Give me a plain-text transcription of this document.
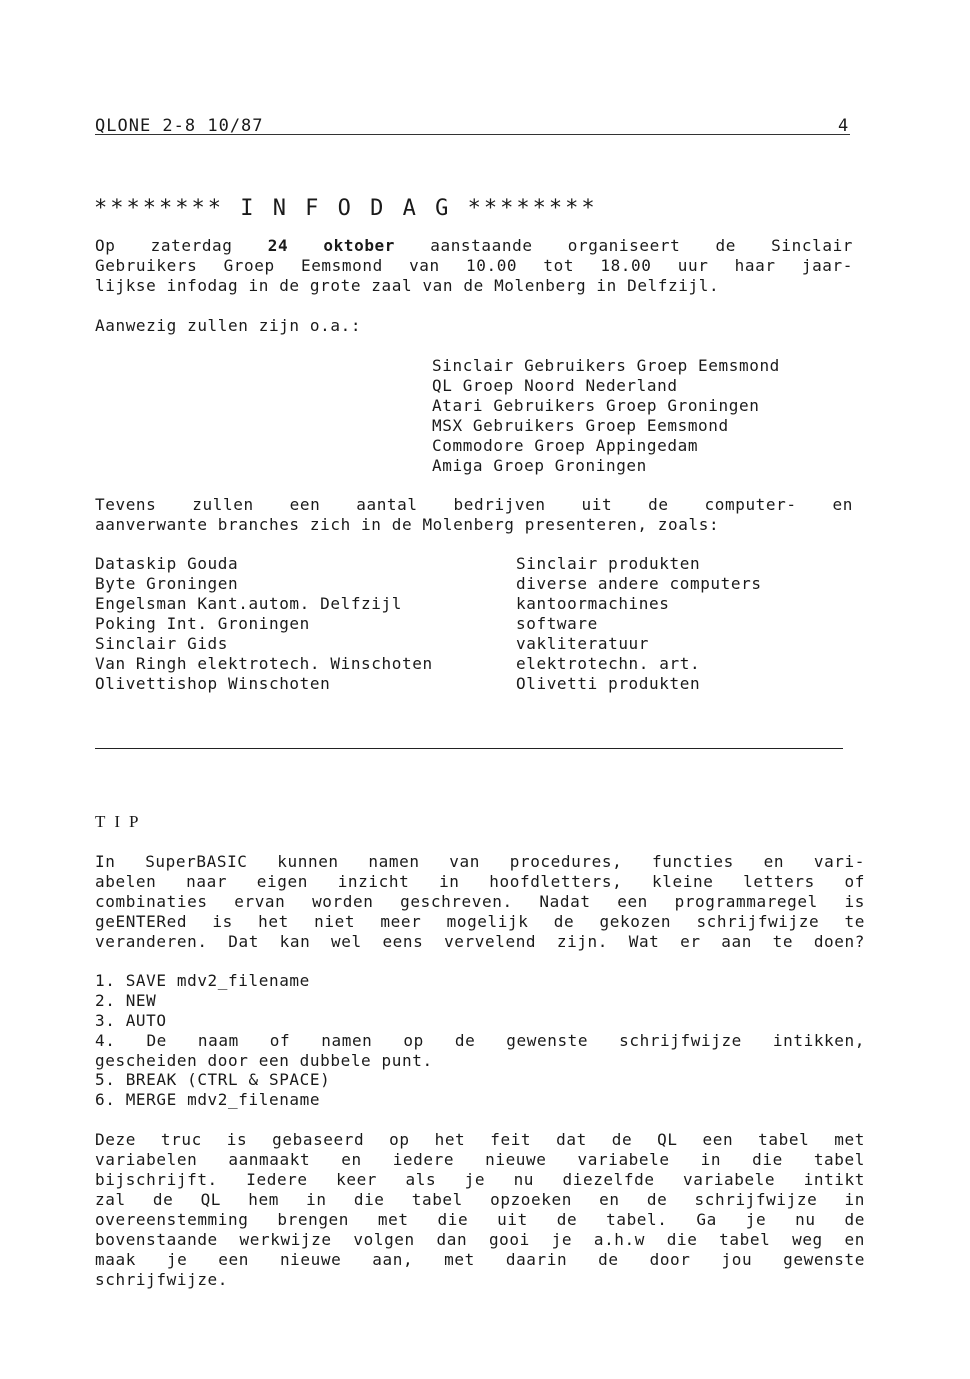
QLONE 2-8 10/87	4
******** I N F O D A G ********
Op zaterdag 24 oktober aanstaande organiseert de Sinclair
Gebruikers Groep Eemsmond van 10.00 tot 18.00 uur haar jaar-
lijkse infodag in de grote zaal van de Molenberg in Delfzijl.
Aanwezig zullen zijn o.a.:
Sinclair Gebruikers Groep Eemsmond
QL Groep Noord Nederland
Atari Gebruikers Groep Groningen
MSX Gebruikers Groep Eemsmond
Commodore Groep Appingedam
Amiga Groep Groningen
Tevens zullen een aantal bedrijven uit de computer- en
aanverwante branches zich in de Molenberg presenteren, zoals:
Dataskip Gouda	Sinclair produkten
Byte Groningen	diverse andere computers
Engelsman Kant.autom. Delfzijl	kantoormachines
Poking Int. Groningen	software
Sinclair Gids	vakliteratuur
Van Ringh elektrotech. Winschoten	elektrotechn. art.
Olivettishop Winschoten	Olivetti produkten
TIP
In SuperBASIC kunnen namen van procedures, functies en vari-
abelen naar eigen inzicht in hoofdletters, kleine letters of
combinaties ervan worden geschreven. Nadat een programmaregel is
geENTERed is het niet meer mogelijk de gekozen schrijfwijze te
veranderen. Dat kan wel eens vervelend zijn. Wat er aan te doen?
1. SAVE mdv2_filename
2. NEW
3. AUTO
4. De naam of namen op de gewenste schrijfwijze intikken,
gescheiden door een dubbele punt.
5. BREAK (CTRL & SPACE)
6. MERGE mdv2_filename
Deze truc is gebaseerd op het feit dat de QL een tabel met
variabelen aanmaakt en iedere nieuwe variabele in die tabel
bijschrijft. Iedere keer als je nu diezelfde variabele intikt
zal de QL hem in die tabel opzoeken en de schrijfwijze in
overeenstemming brengen met die uit de tabel. Ga je nu de
bovenstaande werkwijze volgen dan gooi je a.h.w die tabel weg en
maak je een nieuwe aan, met daarin de door jou gewenste
schrijfwijze.
